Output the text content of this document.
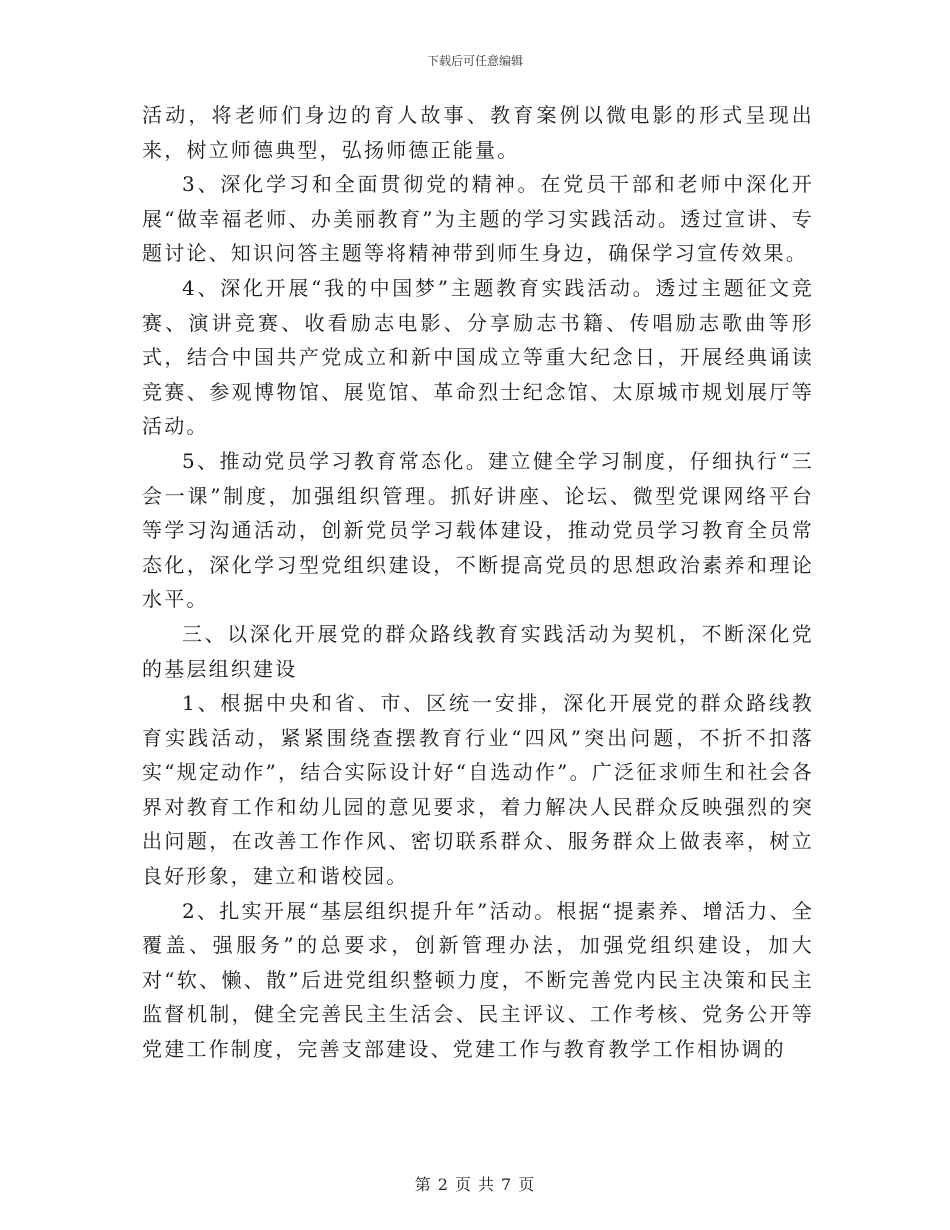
下载后可任意编辑

活动，将老师们身边的育人故事、教育案例以微电影的形式呈现出来，树立师德典型，弘扬师德正能量。

3、深化学习和全面贯彻党的精神。在党员干部和老师中深化开展“做幸福老师、办美丽教育”为主题的学习实践活动。透过宣讲、专题讨论、知识问答主题等将精神带到师生身边，确保学习宣传效果。

4、深化开展“我的中国梦”主题教育实践活动。透过主题征文竞赛、演讲竞赛、收看励志电影、分享励志书籍、传唱励志歌曲等形式，结合中国共产党成立和新中国成立等重大纪念日，开展经典诵读竞赛、参观博物馆、展览馆、革命烈士纪念馆、太原城市规划展厅等活动。

5、推动党员学习教育常态化。建立健全学习制度，仔细执行“三会一课”制度，加强组织管理。抓好讲座、论坛、微型党课网络平台等学习沟通活动，创新党员学习载体建设，推动党员学习教育全员常态化，深化学习型党组织建设，不断提高党员的思想政治素养和理论水平。

三、以深化开展党的群众路线教育实践活动为契机，不断深化党的基层组织建设

1、根据中央和省、市、区统一安排，深化开展党的群众路线教育实践活动，紧紧围绕查摆教育行业“四风”突出问题，不折不扣落实“规定动作”，结合实际设计好“自选动作”。广泛征求师生和社会各界对教育工作和幼儿园的意见要求，着力解决人民群众反映强烈的突出问题，在改善工作作风、密切联系群众、服务群众上做表率，树立良好形象，建立和谐校园。

2、扎实开展“基层组织提升年”活动。根据“提素养、增活力、全覆盖、强服务”的总要求，创新管理办法，加强党组织建设，加大对“软、懒、散”后进党组织整顿力度，不断完善党内民主决策和民主监督机制，健全完善民主生活会、民主评议、工作考核、党务公开等党建工作制度，完善支部建设、党建工作与教育教学工作相协调的

第 2 页 共 7 页
